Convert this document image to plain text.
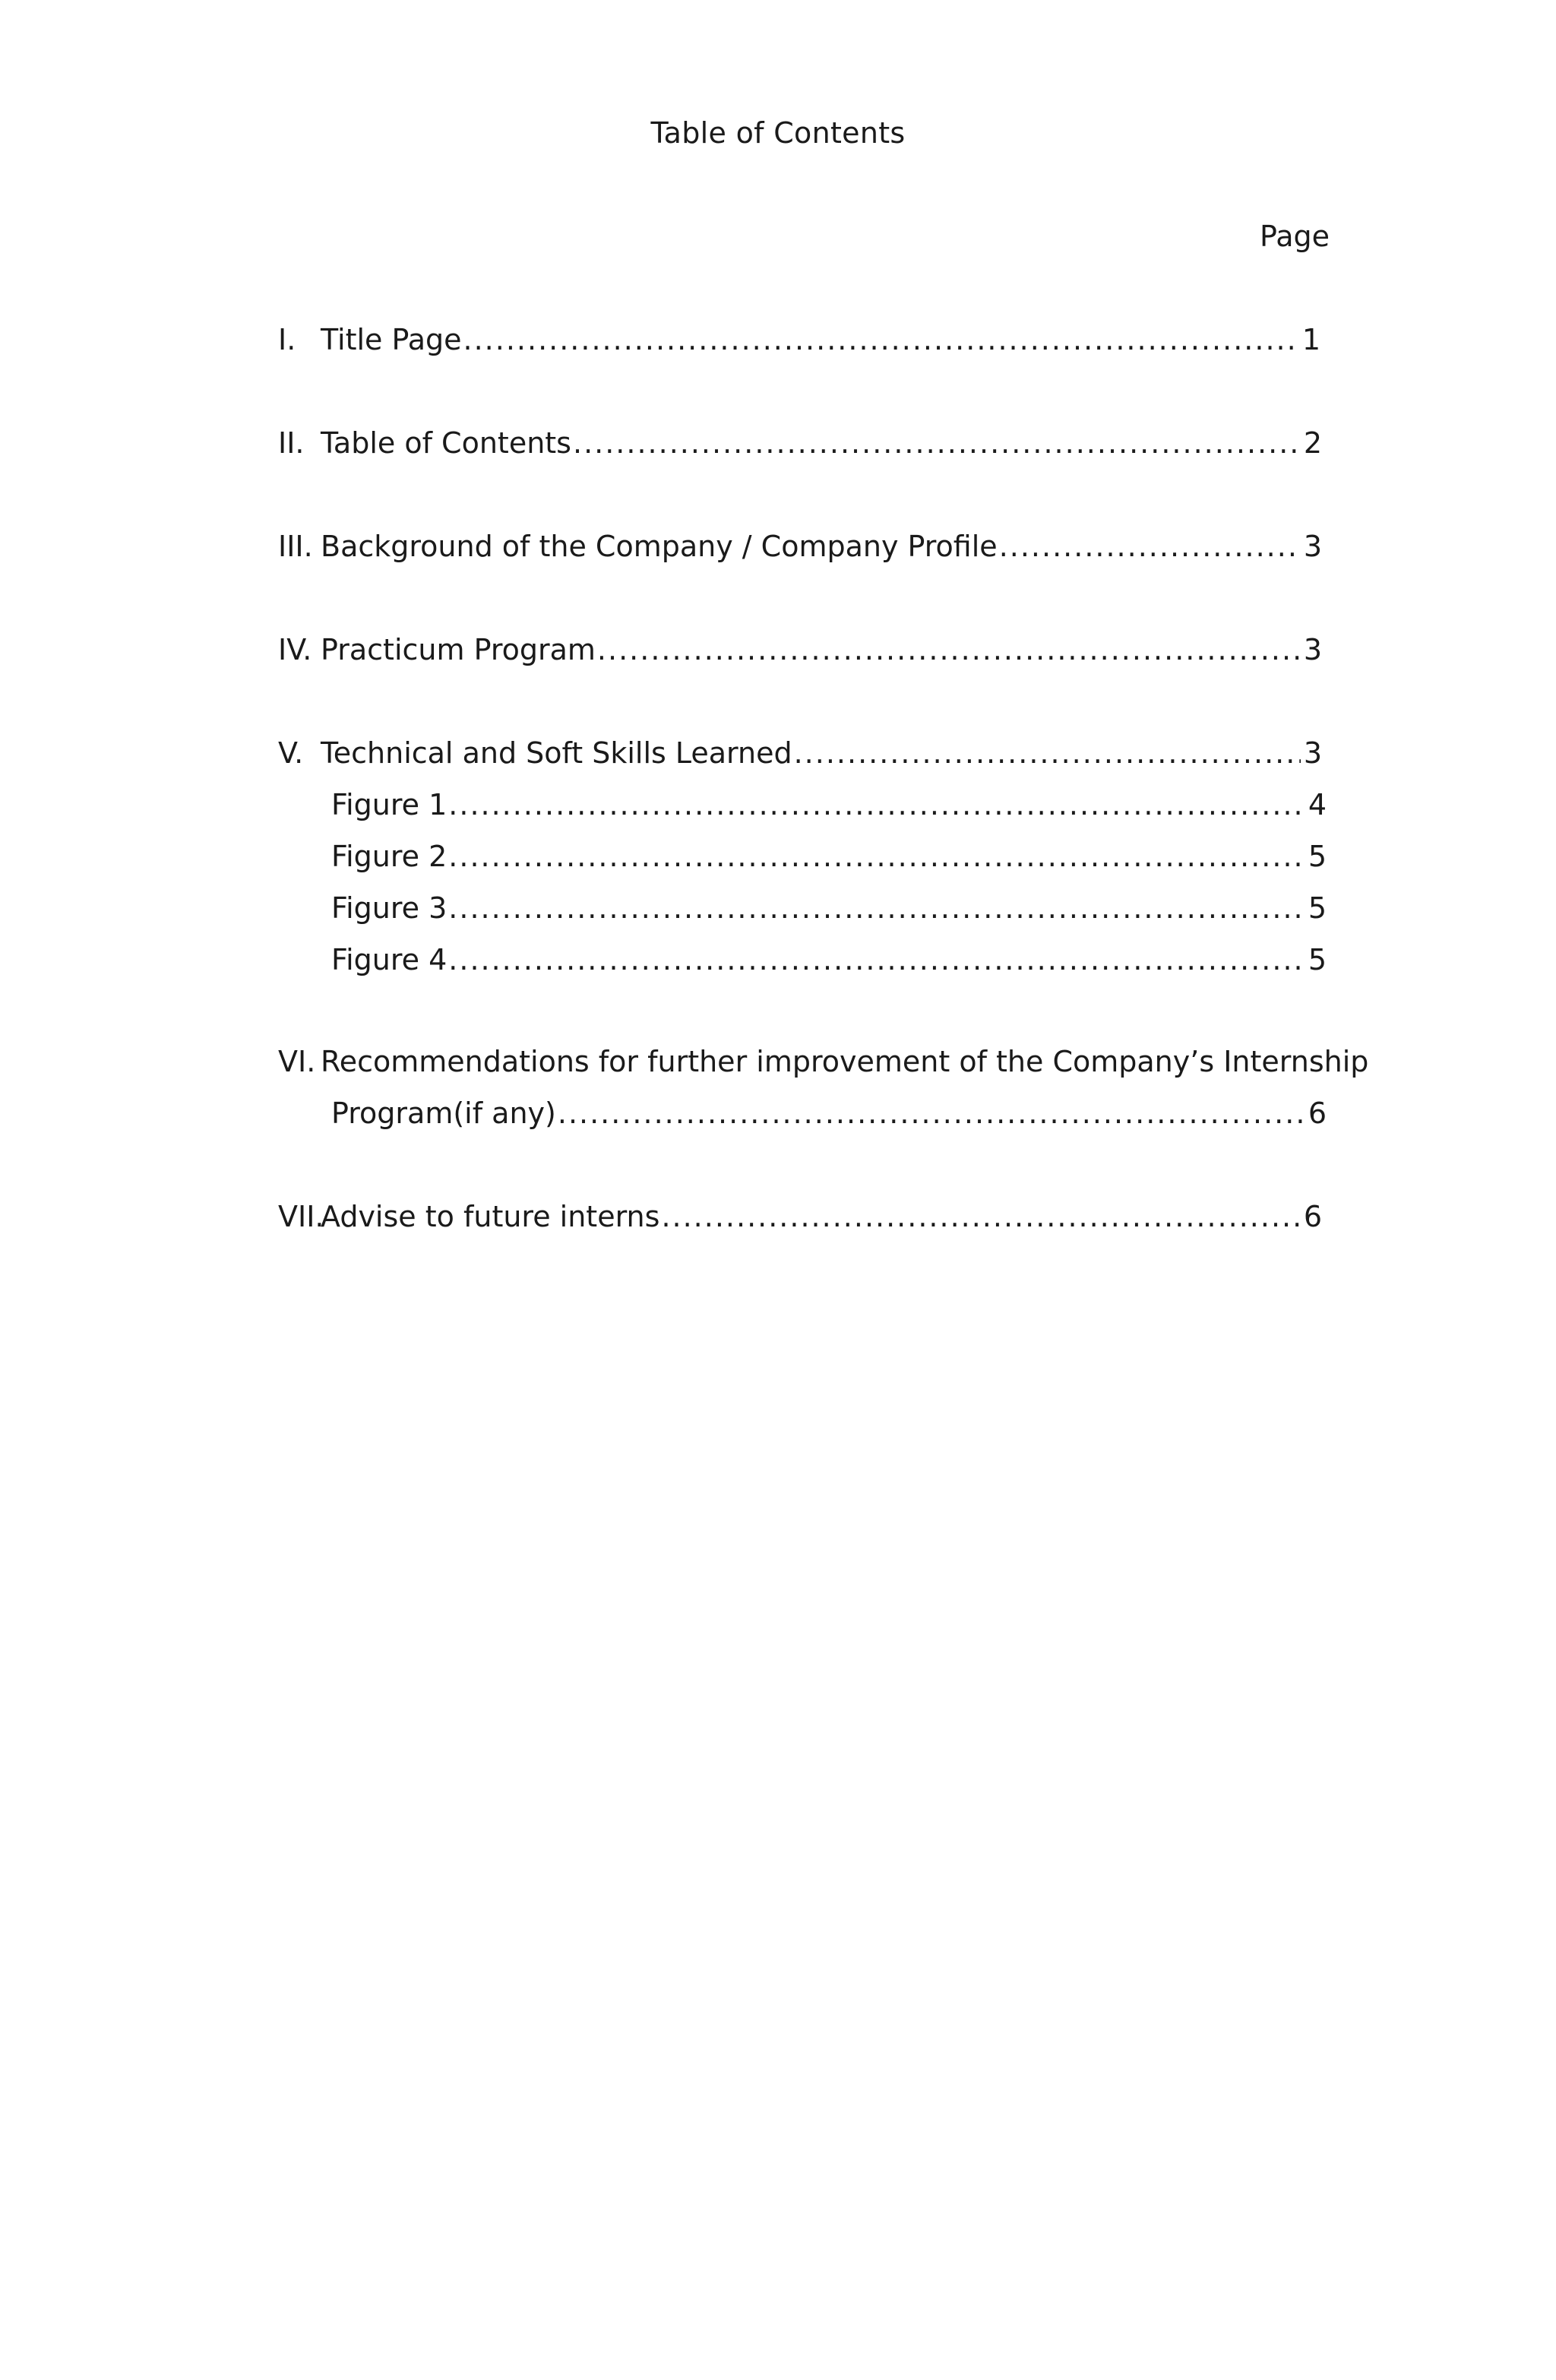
Table of Contents
Page
I. Title Page .....	1
II. Table of Contents .....	2
III. Background of the Company / Company Profile .....	3
IV. Practicum Program .....	3
V. Technical and Soft Skills Learned .....	3
Figure 1 .....	4
Figure 2 .....	5
Figure 3 .....	5
Figure 4 .....	5
VI. Recommendations for further improvement of the Company’s Internship
Program(if any) .....	6
VII.
Advise to future interns .....	6
